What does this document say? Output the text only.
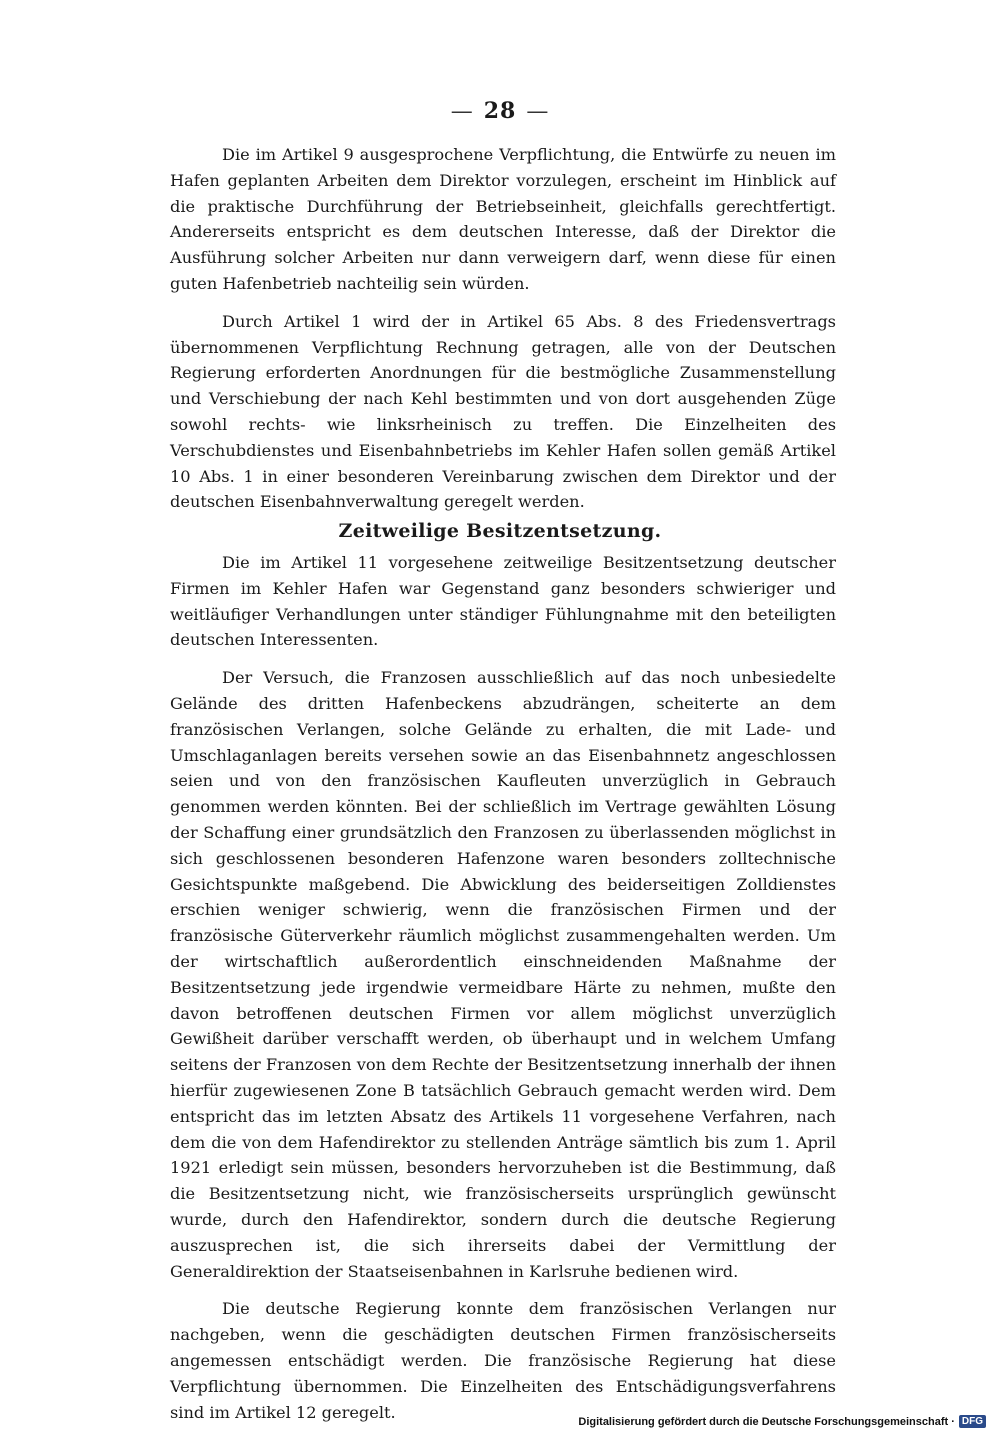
— 28 —

Die im Artikel 9 ausgesprochene Verpflichtung, die Entwürfe zu neuen im Hafen geplanten Arbeiten dem Direktor vorzulegen, erscheint im Hinblick auf die praktische Durchführung der Betriebseinheit, gleichfalls gerechtfertigt. Andererseits entspricht es dem deutschen Interesse, daß der Direktor die Ausführung solcher Arbeiten nur dann verweigern darf, wenn diese für einen guten Hafenbetrieb nachteilig sein würden.

Durch Artikel 1 wird der in Artikel 65 Abs. 8 des Friedensvertrags übernommenen Verpflichtung Rechnung getragen, alle von der Deutschen Regierung erforderten Anordnungen für die bestmögliche Zusammenstellung und Verschiebung der nach Kehl bestimmten und von dort ausgehenden Züge sowohl rechts- wie linksrheinisch zu treffen. Die Einzelheiten des Verschubdienstes und Eisenbahnbetriebs im Kehler Hafen sollen gemäß Artikel 10 Abs. 1 in einer besonderen Vereinbarung zwischen dem Direktor und der deutschen Eisenbahnverwaltung geregelt werden.

Zeitweilige Besitzentsetzung.

Die im Artikel 11 vorgesehene zeitweilige Besitzentsetzung deutscher Firmen im Kehler Hafen war Gegenstand ganz besonders schwieriger und weitläufiger Verhandlungen unter ständiger Fühlungnahme mit den beteiligten deutschen Interessenten.

Der Versuch, die Franzosen ausschließlich auf das noch unbesiedelte Gelände des dritten Hafenbeckens abzudrängen, scheiterte an dem französischen Verlangen, solche Gelände zu erhalten, die mit Lade- und Umschlaganlagen bereits versehen sowie an das Eisenbahnnetz angeschlossen seien und von den französischen Kaufleuten unverzüglich in Gebrauch genommen werden könnten. Bei der schließlich im Vertrage gewählten Lösung der Schaffung einer grundsätzlich den Franzosen zu überlassenden möglichst in sich geschlossenen besonderen Hafenzone waren besonders zolltechnische Gesichtspunkte maßgebend. Die Abwicklung des beiderseitigen Zolldienstes erschien weniger schwierig, wenn die französischen Firmen und der französische Güterverkehr räumlich möglichst zusammengehalten werden. Um der wirtschaftlich außerordentlich einschneidenden Maßnahme der Besitzentsetzung jede irgendwie vermeidbare Härte zu nehmen, mußte den davon betroffenen deutschen Firmen vor allem möglichst unverzüglich Gewißheit darüber verschafft werden, ob überhaupt und in welchem Umfang seitens der Franzosen von dem Rechte der Besitzentsetzung innerhalb der ihnen hierfür zugewiesenen Zone B tatsächlich Gebrauch gemacht werden wird. Dem entspricht das im letzten Absatz des Artikels 11 vorgesehene Verfahren, nach dem die von dem Hafendirektor zu stellenden Anträge sämtlich bis zum 1. April 1921 erledigt sein müssen, besonders hervorzuheben ist die Bestimmung, daß die Besitzentsetzung nicht, wie französischerseits ursprünglich gewünscht wurde, durch den Hafendirektor, sondern durch die deutsche Regierung auszusprechen ist, die sich ihrerseits dabei der Vermittlung der Generaldirektion der Staatseisenbahnen in Karlsruhe bedienen wird.

Die deutsche Regierung konnte dem französischen Verlangen nur nachgeben, wenn die geschädigten deutschen Firmen französischerseits angemessen entschädigt werden. Die französische Regierung hat diese Verpflichtung übernommen. Die Einzelheiten des Entschädigungsverfahrens sind im Artikel 12 geregelt.	Digitalisierung gefördert durch die Deutsche Forschungsgemeinschaft · DFG
